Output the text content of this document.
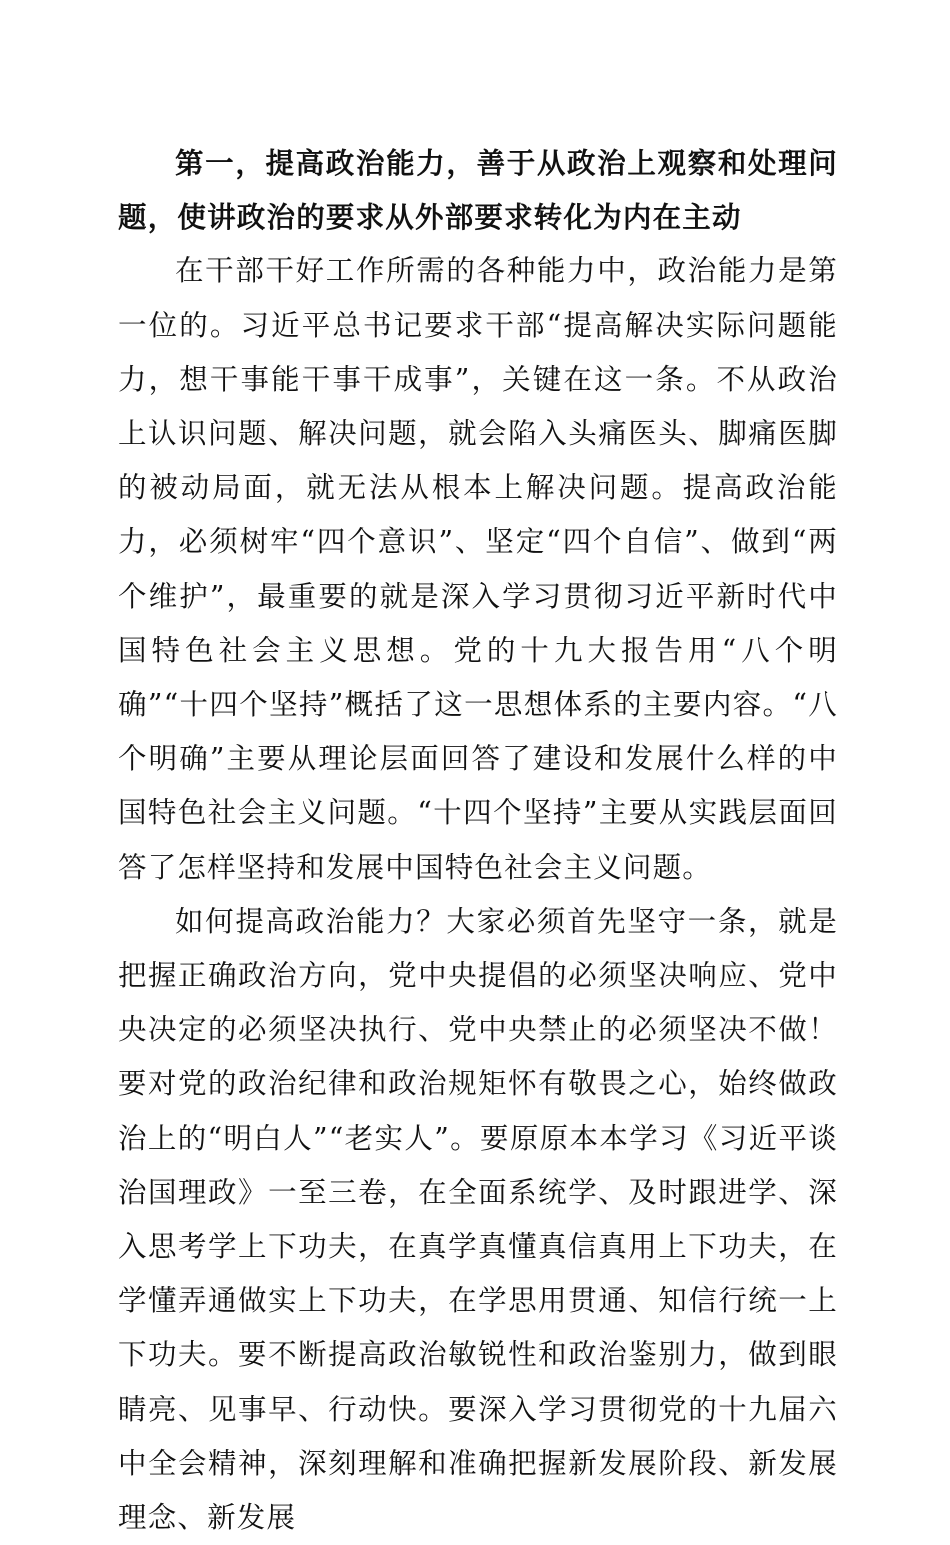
第一，提高政治能力，善于从政治上观察和处理问题，使讲政治的要求从外部要求转化为内在主动

在干部干好工作所需的各种能力中，政治能力是第一位的。习近平总书记要求干部“提高解决实际问题能力，想干事能干事干成事”，关键在这一条。不从政治上认识问题、解决问题，就会陷入头痛医头、脚痛医脚的被动局面，就无法从根本上解决问题。提高政治能力，必须树牢“四个意识”、坚定“四个自信”、做到“两个维护”，最重要的就是深入学习贯彻习近平新时代中国特色社会主义思想。党的十九大报告用“八个明确”“十四个坚持”概括了这一思想体系的主要内容。“八个明确”主要从理论层面回答了建设和发展什么样的中国特色社会主义问题。“十四个坚持”主要从实践层面回答了怎样坚持和发展中国特色社会主义问题。

如何提高政治能力？大家必须首先坚守一条，就是把握正确政治方向，党中央提倡的必须坚决响应、党中央决定的必须坚决执行、党中央禁止的必须坚决不做！要对党的政治纪律和政治规矩怀有敬畏之心，始终做政治上的“明白人”“老实人”。要原原本本学习《习近平谈治国理政》一至三卷，在全面系统学、及时跟进学、深入思考学上下功夫，在真学真懂真信真用上下功夫，在学懂弄通做实上下功夫，在学思用贯通、知信行统一上下功夫。要不断提高政治敏锐性和政治鉴别力，做到眼睛亮、见事早、行动快。要深入学习贯彻党的十九届六中全会精神，深刻理解和准确把握新发展阶段、新发展理念、新发展
